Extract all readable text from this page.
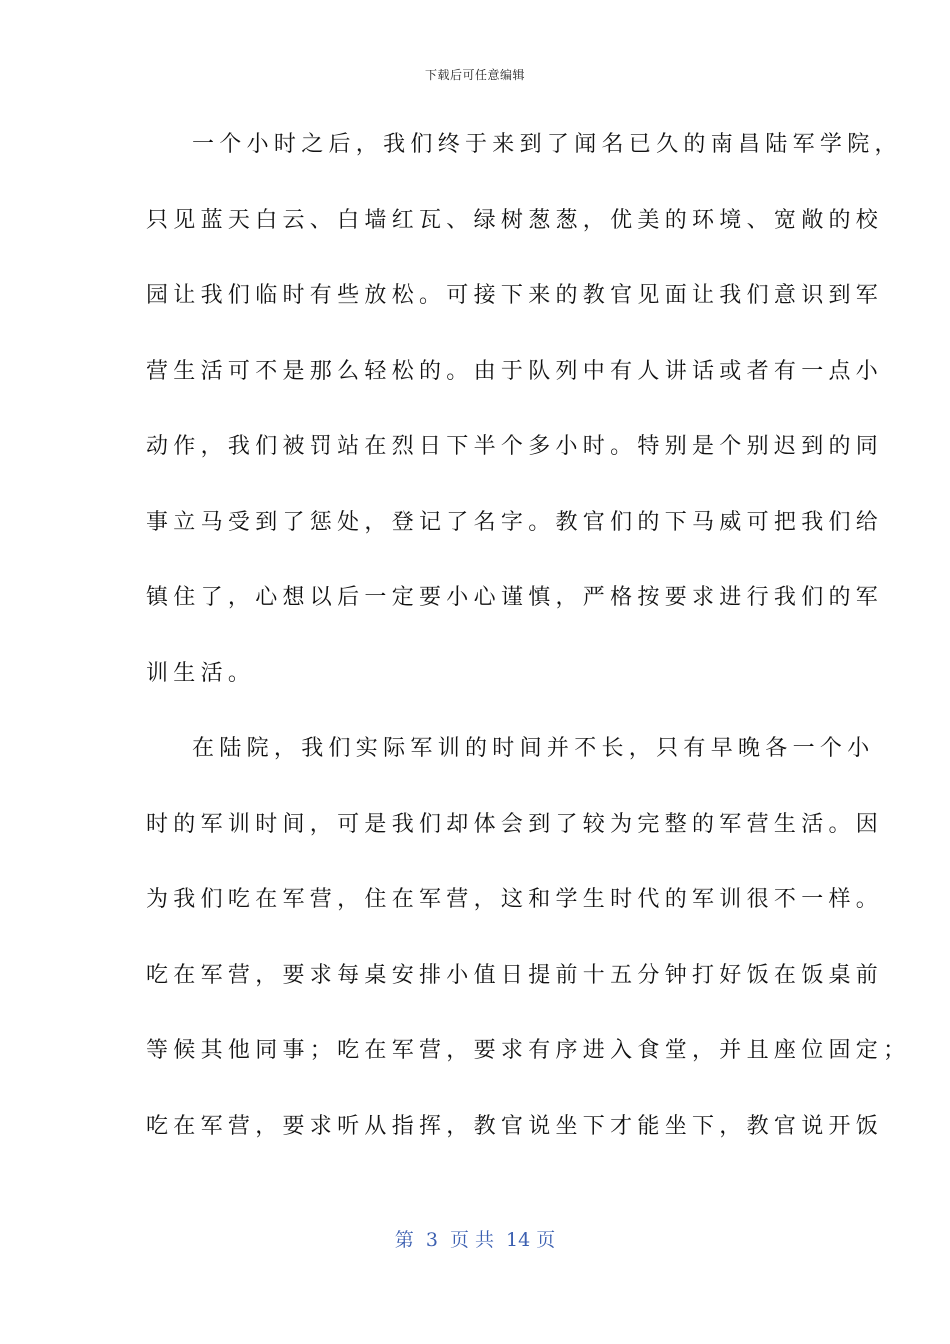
下载后可任意编辑
一个小时之后，我们终于来到了闻名已久的南昌陆军学院，
只见蓝天白云、白墙红瓦、绿树葱葱，优美的环境、宽敞的校
园让我们临时有些放松。可接下来的教官见面让我们意识到军
营生活可不是那么轻松的。由于队列中有人讲话或者有一点小
动作，我们被罚站在烈日下半个多小时。特别是个别迟到的同
事立马受到了惩处，登记了名字。教官们的下马威可把我们给
镇住了，心想以后一定要小心谨慎，严格按要求进行我们的军
训生活。
在陆院，我们实际军训的时间并不长，只有早晚各一个小
时的军训时间，可是我们却体会到了较为完整的军营生活。因
为我们吃在军营，住在军营，这和学生时代的军训很不一样。
吃在军营，要求每桌安排小值日提前十五分钟打好饭在饭桌前
等候其他同事；吃在军营，要求有序进入食堂，并且座位固定；
吃在军营，要求听从指挥，教官说坐下才能坐下，教官说开饭
第 3 页 共 14 页
